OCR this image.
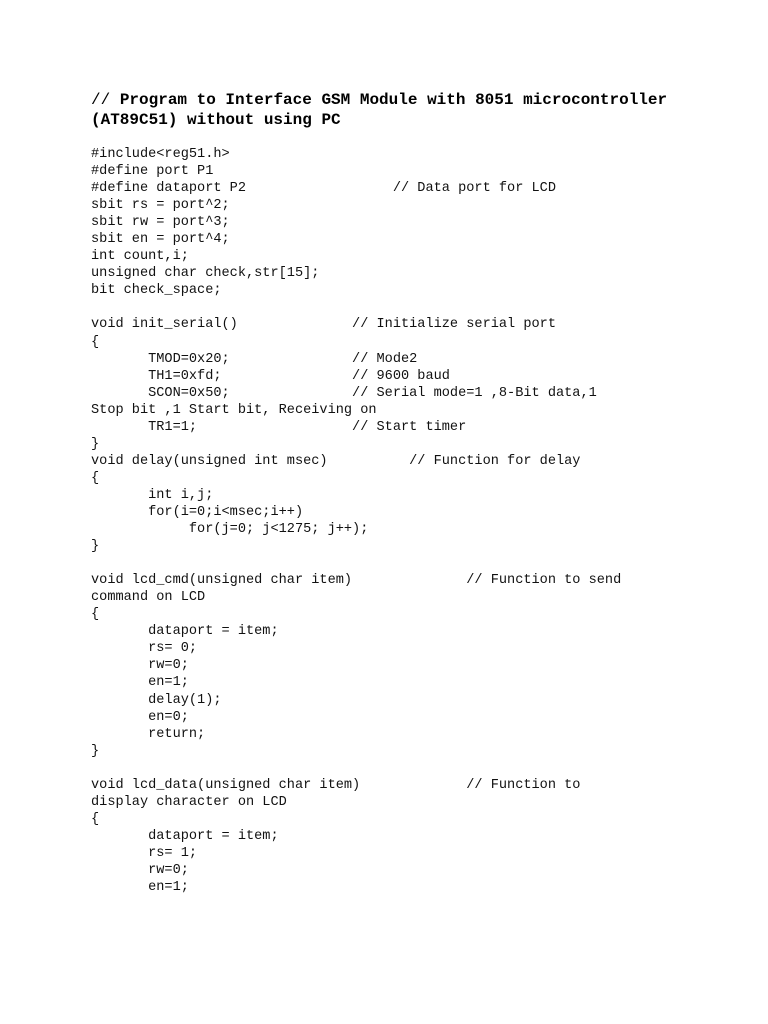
// Program to Interface GSM Module with 8051 microcontroller (AT89C51) without using PC
#include<reg51.h>
#define port P1
#define dataport P2                  // Data port for LCD
sbit rs = port^2;
sbit rw = port^3;
sbit en = port^4;
int count,i;
unsigned char check,str[15];
bit check_space;
void init_serial()              // Initialize serial port
{
TMOD=0x20;               // Mode2
TH1=0xfd;                // 9600 baud
SCON=0x50;               // Serial mode=1 ,8-Bit data,1
Stop bit ,1 Start bit, Receiving on
TR1=1;                   // Start timer
}
void delay(unsigned int msec)          // Function for delay
{
int i,j;
for(i=0;i<msec;i++)
for(j=0; j<1275; j++);
}
void lcd_cmd(unsigned char item)              // Function to send
command on LCD
{
dataport = item;
rs= 0;
rw=0;
en=1;
delay(1);
en=0;
return;
}
void lcd_data(unsigned char item)             // Function to
display character on LCD
{
dataport = item;
rs= 1;
rw=0;
en=1;
